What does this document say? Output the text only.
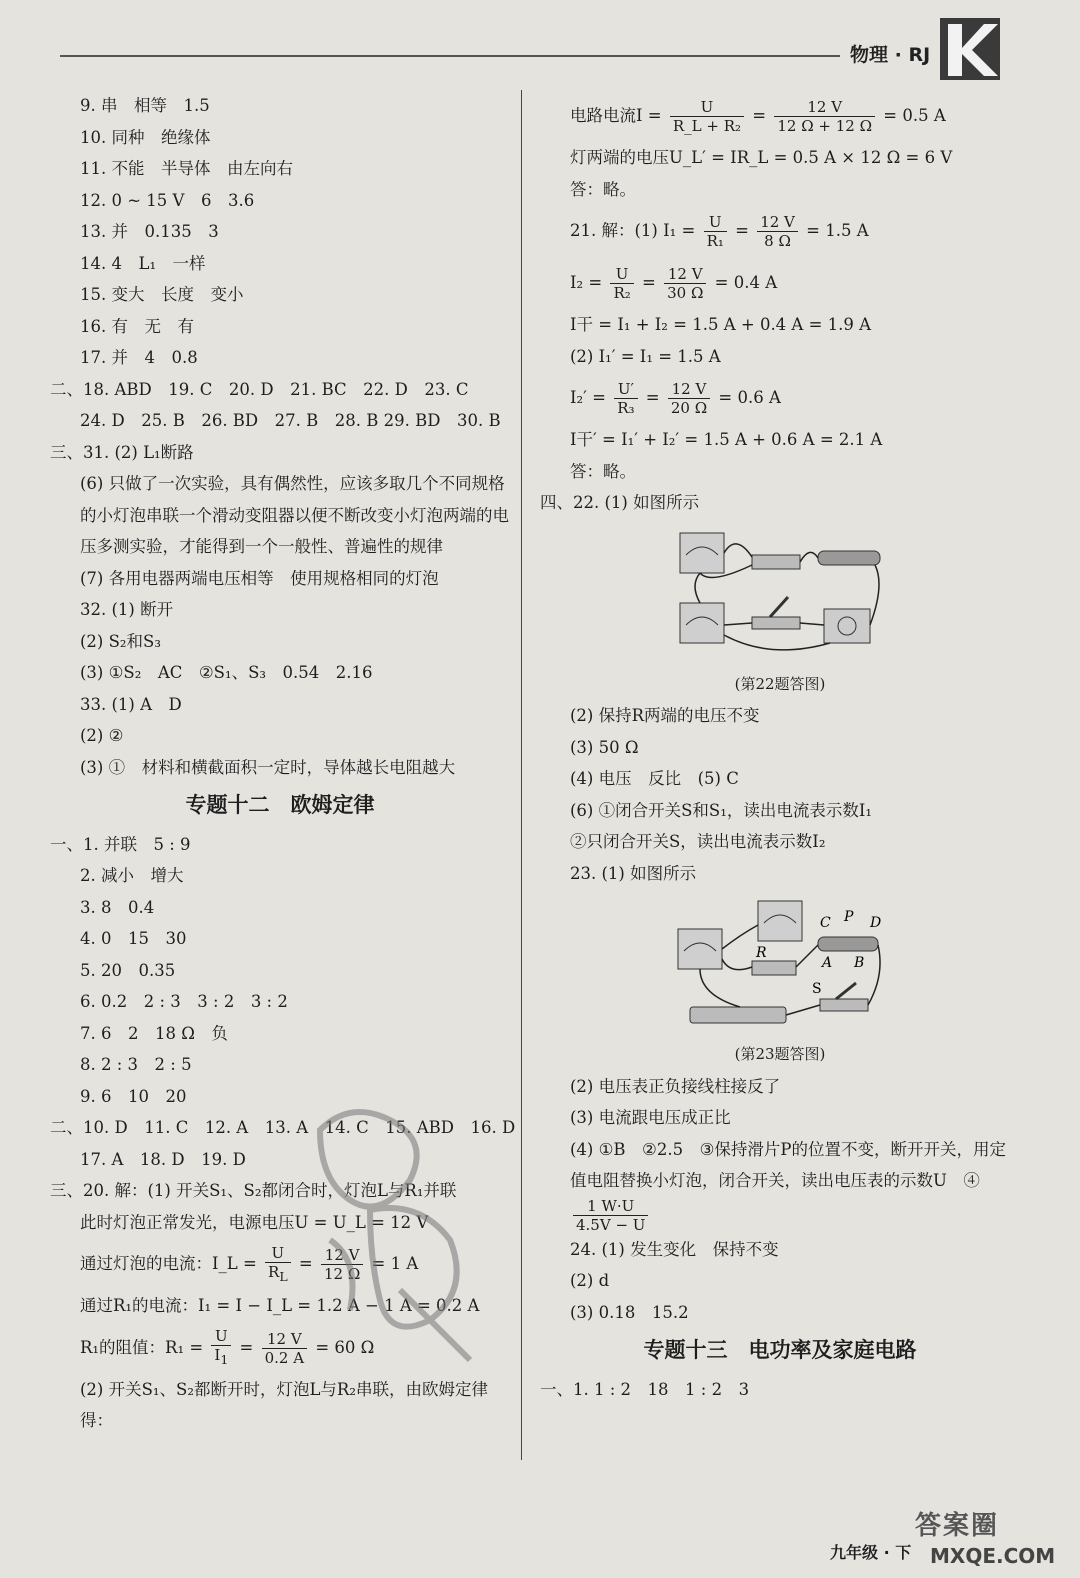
物理 · RJ
9. 串　相等　1.5
10. 同种　绝缘体
11. 不能　半导体　由左向右
12. 0 ~ 15 V　6　3.6
13. 并　0.135　3
14. 4　L₁　一样
15. 变大　长度　变小
16. 有　无　有
17. 并　4　0.8
二、18. ABD　19. C　20. D　21. BC　22. D　23. C
24. D　25. B　26. BD　27. B　28. B 29. BD　30. B
三、31. (2) L₁断路
(6) 只做了一次实验，具有偶然性，应该多取几个不同规格的小灯泡串联一个滑动变阻器以便不断改变小灯泡两端的电压多测实验，才能得到一个一般性、普遍性的规律
(7) 各用电器两端电压相等　使用规格相同的灯泡
32. (1) 断开
(2) S₂和S₃
(3) ①S₂　AC　②S₁、S₃　0.54　2.16
33. (1) A　D
(2) ②
(3) ①　材料和横截面积一定时，导体越长电阻越大
专题十二　欧姆定律
一、1. 并联　5 : 9
2. 减小　增大
3. 8　0.4
4. 0　15　30
5. 20　0.35
6. 0.2　2 : 3　3 : 2　3 : 2
7. 6　2　18 Ω　负
8. 2 : 3　2 : 5
9. 6　10　20
二、10. D　11. C　12. A　13. A　14. C　15. ABD　16. D
17. A　18. D　19. D
三、20. 解：(1) 开关S₁、S₂都闭合时，灯泡L与R₁并联
此时灯泡正常发光，电源电压U = U_L = 12 V
通过灯泡的电流：I_L = $\frac{U}{R_L} = \frac{12 V}{12 \Omega} = 1$ A
通过R₁的电流：I₁ = I − I_L = 1.2 A − 1 A = 0.2 A
R₁的阻值：$R_1 = \frac{U}{I_1} = \frac{12 V}{0.2 A} = 60$ Ω
(2) 开关S₁、S₂都断开时，灯泡L与R₂串联，由欧姆定律得：
电路电流$I = \frac{U}{\text{R\_L + R₂}} = \frac{12 V}{12 \Omega + 12 \Omega} = 0.5$ A
灯两端的电压U_L′ = IR_L = 0.5 A × 12 Ω = 6 V
答：略。
21. 解：(1) $I_1 = \frac{U}{\text{R₁}} = \frac{12 V}{8 \Omega} = 1.5$ A
$I_2 = \frac{U}{\text{R₂}} = \frac{12 V}{30 \Omega} = 0.4$ A
I干 = I₁ + I₂ = 1.5 A + 0.4 A = 1.9 A
(2) I₁′ = I₁ = 1.5 A
$I_2' = \frac{U'}{\text{R₃}} = \frac{12 V}{20 \Omega} = 0.6$ A
I干′ = I₁′ + I₂′ = 1.5 A + 0.6 A = 2.1 A
答：略。
四、22. (1) 如图所示
(第22题答图)
(2) 保持R两端的电压不变
(3) 50 Ω
(4) 电压　反比　(5) C
(6) ①闭合开关S和S₁，读出电流表示数I₁
②只闭合开关S，读出电流表示数I₂
23. (1) 如图所示
C P D
A B
R
S
(第23题答图)
(2) 电压表正负接线柱接反了
(3) 电流跟电压成正比
(4) ①B　②2.5　③保持滑片P的位置不变，断开开关，用定值电阻替换小灯泡，闭合开关，读出电压表的示数U　④
$\frac{1 W\cdot U}{4.5V - U}$
24. (1) 发生变化　保持不变
(2) d
(3) 0.18　15.2
专题十三　电功率及家庭电路
一、1. 1 : 2　18　1 : 2　3
九年级 · 下
答案圈
MXQE.COM
